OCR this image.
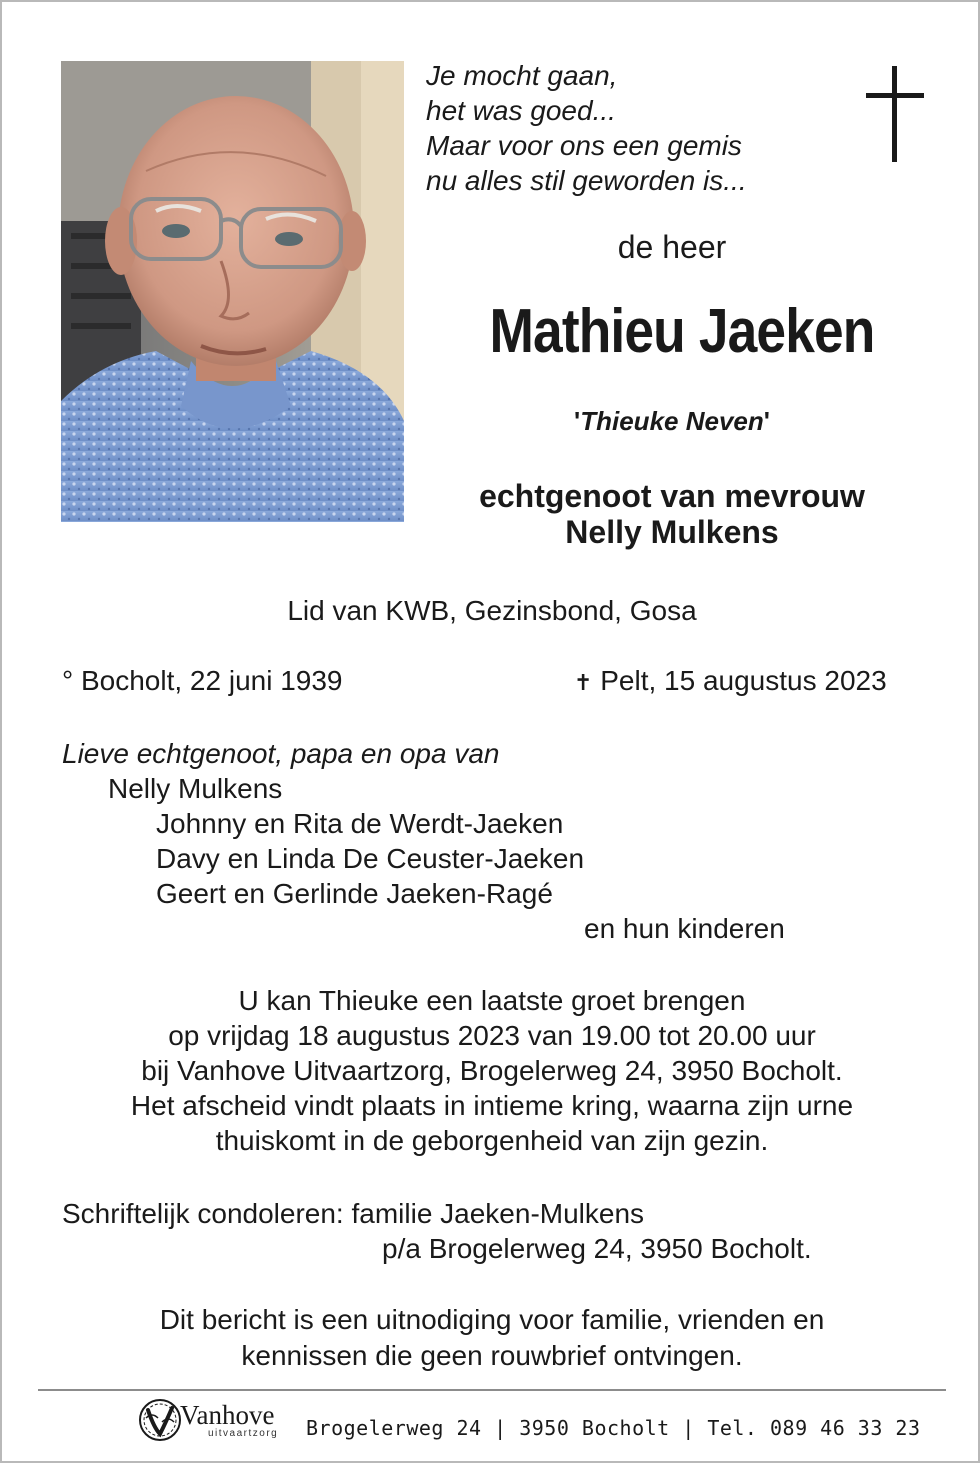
Je mocht gaan,
het was goed...
Maar voor ons een gemis
nu alles stil geworden is...
de heer
Mathieu Jaeken
'Thieuke Neven'
echtgenoot van mevrouw
Nelly Mulkens
Lid van KWB, Gezinsbond, Gosa
° Bocholt, 22 juni 1939	✝ Pelt, 15 augustus 2023
Lieve echtgenoot, papa en opa van
Nelly Mulkens
Johnny en Rita de Werdt-Jaeken
Davy en Linda De Ceuster-Jaeken
Geert en Gerlinde Jaeken-Ragé
en hun kinderen
U kan Thieuke een laatste groet brengen
op vrijdag 18 augustus 2023 van 19.00 tot 20.00 uur
bij Vanhove Uitvaartzorg, Brogelerweg 24, 3950 Bocholt.
Het afscheid vindt plaats in intieme kring, waarna zijn urne
thuiskomt in de geborgenheid van zijn gezin.
Schriftelijk condoleren: familie Jaeken-Mulkens
p/a Brogelerweg 24, 3950 Bocholt.
Dit bericht is een uitnodiging voor familie, vrienden en
kennissen die geen rouwbrief ontvingen.
Vanhove
uitvaartzorg Brogelerweg 24 | 3950 Bocholt | Tel. 089 46 33 23
